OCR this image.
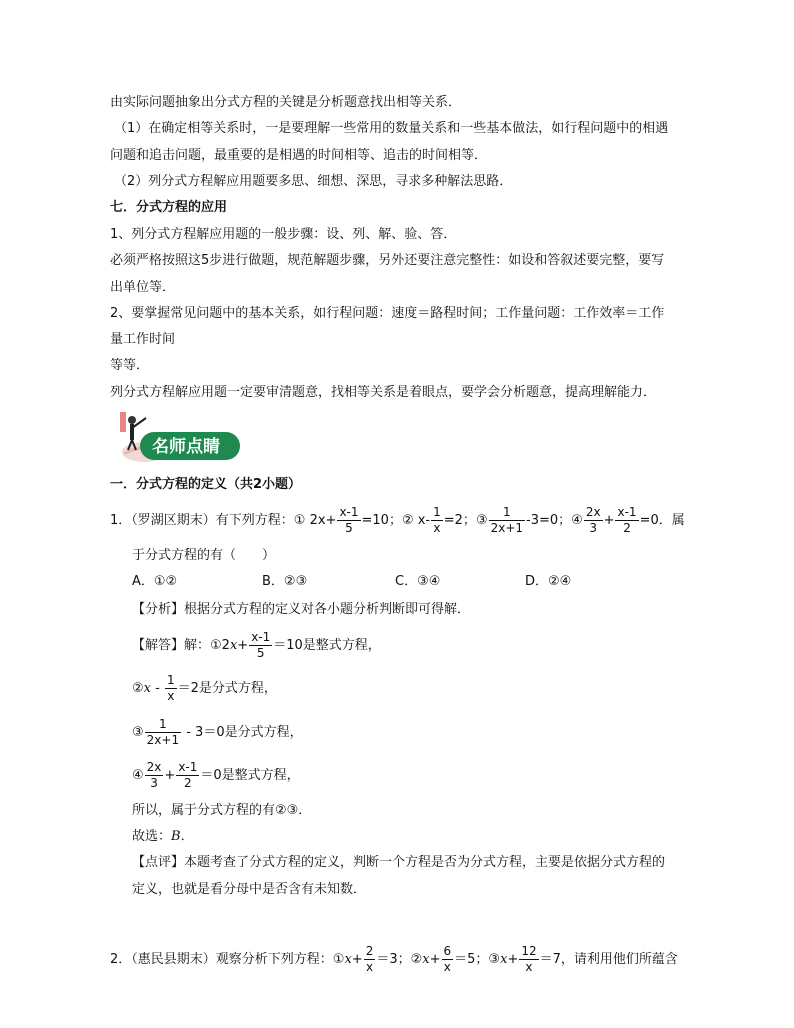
由实际问题抽象出分式方程的关键是分析题意找出相等关系．
（1）在确定相等关系时，一是要理解一些常用的数量关系和一些基本做法，如行程问题中的相遇
问题和追击问题，最重要的是相遇的时间相等、追击的时间相等．
（2）列分式方程解应用题要多思、细想、深思，寻求多种解法思路．
七．分式方程的应用
1、列分式方程解应用题的一般步骤：设、列、解、验、答．
必须严格按照这5步进行做题，规范解题步骤，另外还要注意完整性：如设和答叙述要完整，要写
出单位等．
2、要掌握常见问题中的基本关系，如行程问题：速度＝路程时间；工作量问题：工作效率＝工作
量工作时间
等等．
列分式方程解应用题一定要审清题意，找相等关系是着眼点，要学会分析题意，提高理解能力．
名师点睛
一．分式方程的定义（共2小题）
1．（罗湖区期末）有下列方程：① $2x+ \frac{x-1}{5} =10$；② $x- \frac{1}{x} =2$；③ $\frac{1}{2x+1} -3=0$；④ $\frac{2x}{3} + \frac{x-1}{2} =0$．属
于分式方程的有（ ）
A．①②	B．②③	C．③④	D．②④
【分析】根据分式方程的定义对各小题分析判断即可得解．
【解答】解：①2x+ $\frac{x-1}{5} =10$是整式方程，
②x - $\frac{1}{x} =2$是分式方程，
③ $\frac{1}{2x+1} - 3=0$是分式方程，
④ $\frac{2x}{3} + \frac{x-1}{2} =0$是整式方程，
所以，属于分式方程的有②③．
故选：B．
【点评】本题考查了分式方程的定义，判断一个方程是否为分式方程，主要是依据分式方程的
定义，也就是看分母中是否含有未知数．
2．（惠民县期末）观察分析下列方程：①x+ $\frac{2}{x} =3$；②x+ $\frac{6}{x} =5$；③x+ $\frac{12}{x} =7$，请利用他们所蕴含
